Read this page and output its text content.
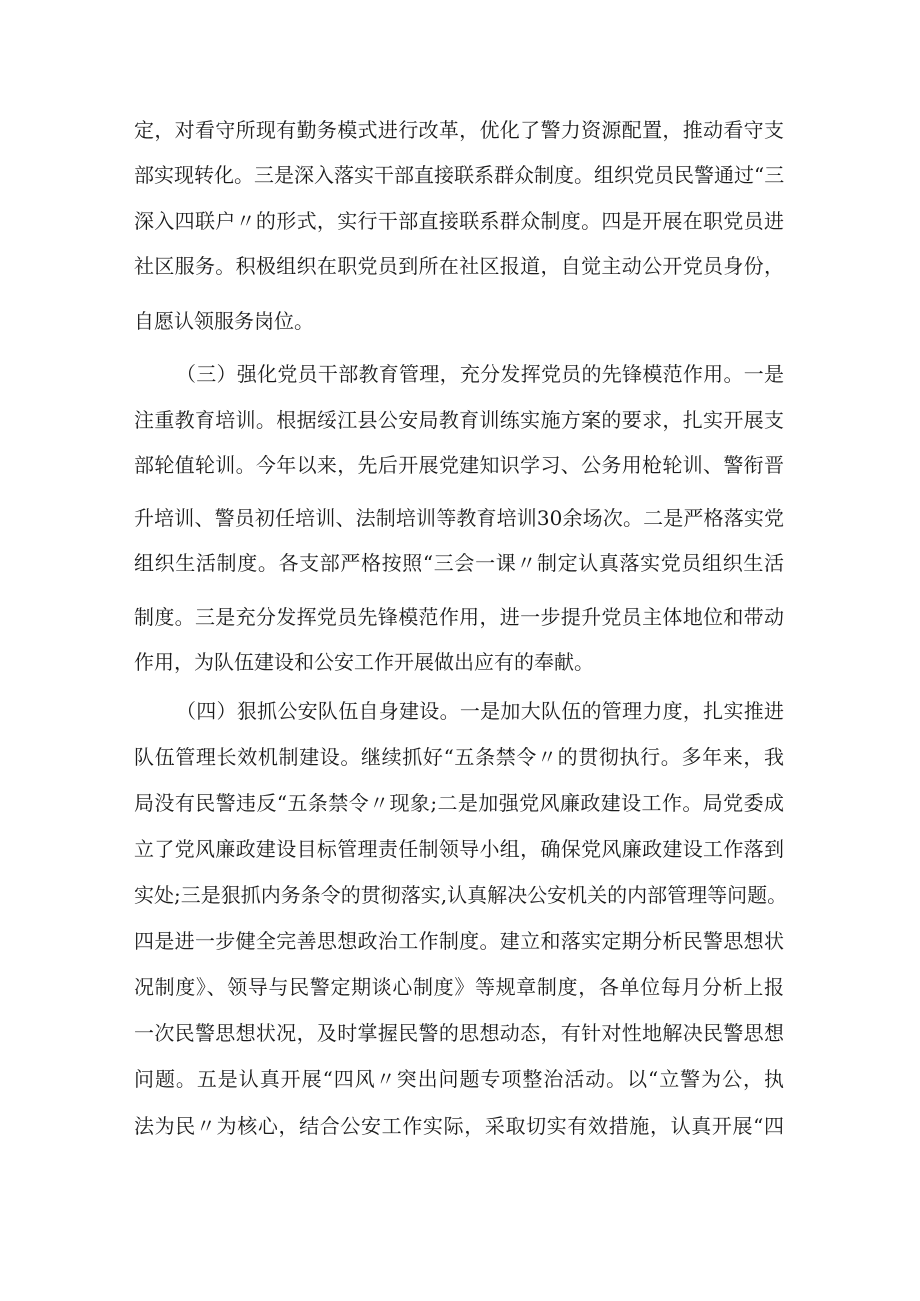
定，对看守所现有勤务模式进行改革，优化了警力资源配置，推动看守支
部实现转化。三是深入落实干部直接联系群众制度。组织党员民警通过“三
深入四联户〃的形式，实行干部直接联系群众制度。四是开展在职党员进
社区服务。积极组织在职党员到所在社区报道，自觉主动公开党员身份，
自愿认领服务岗位。
（三）强化党员干部教育管理，充分发挥党员的先锋模范作用。一是
注重教育培训。根据绥江县公安局教育训练实施方案的要求，扎实开展支
部轮值轮训。今年以来，先后开展党建知识学习、公务用枪轮训、警衔晋
升培训、警员初任培训、法制培训等教育培训30余场次。二是严格落实党
组织生活制度。各支部严格按照“三会一课〃制定认真落实党员组织生活
制度。三是充分发挥党员先锋模范作用，进一步提升党员主体地位和带动
作用，为队伍建设和公安工作开展做出应有的奉献。
（四）狠抓公安队伍自身建设。一是加大队伍的管理力度，扎实推进
队伍管理长效机制建设。继续抓好“五条禁令〃的贯彻执行。多年来，我
局没有民警违反“五条禁令〃现象;二是加强党风廉政建设工作。局党委成
立了党风廉政建设目标管理责任制领导小组，确保党风廉政建设工作落到
实处;三是狠抓内务条令的贯彻落实,认真解决公安机关的内部管理等问题。
四是进一步健全完善思想政治工作制度。建立和落实定期分析民警思想状
况制度》、领导与民警定期谈心制度》等规章制度，各单位每月分析上报
一次民警思想状况，及时掌握民警的思想动态，有针对性地解决民警思想
问题。五是认真开展“四风〃突出问题专项整治活动。以“立警为公，执
法为民〃为核心，结合公安工作实际，采取切实有效措施，认真开展“四
